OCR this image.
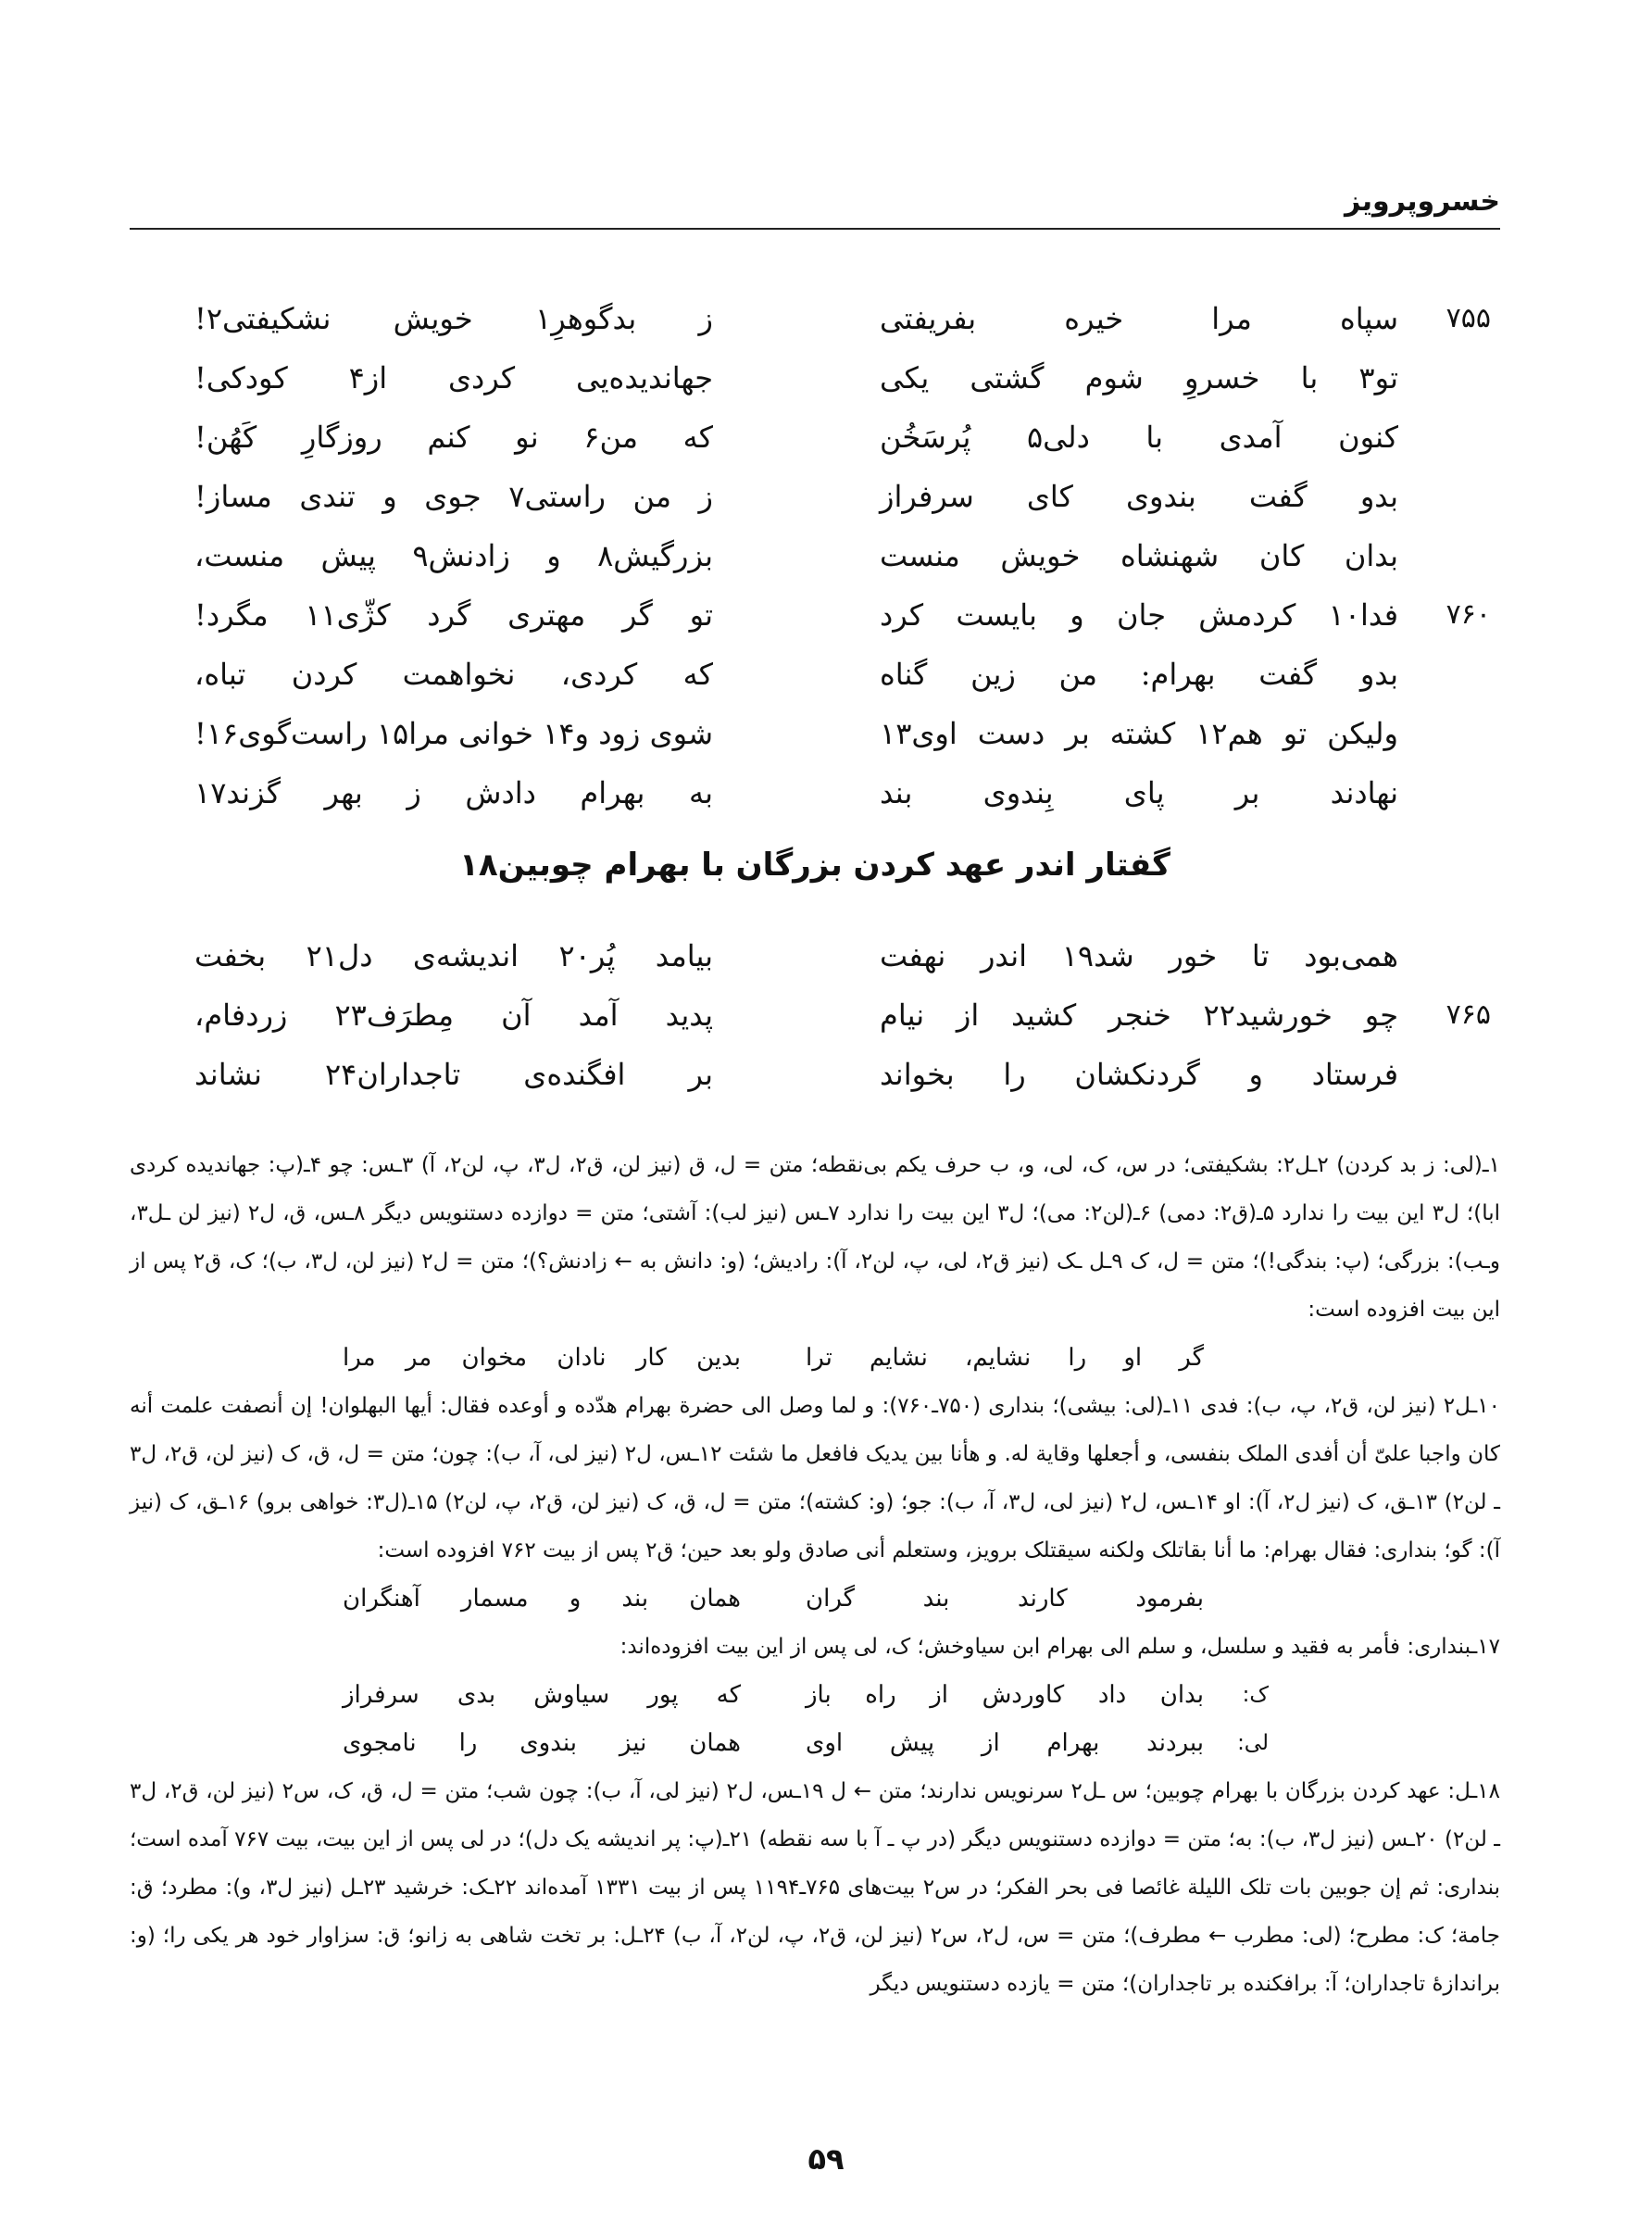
خسروپرویز
۷۵۵
سپاه مرا خیره بفریفتی
ز بدگوهرِ۱ خویش نشکیفتی۲!
تو۳ با خسروِ شوم گشتی یکی
جهاندیده‌یی کردی از۴ کودکی!
کنون آمدی با دلی۵ پُرسَخُن
که من۶ نو کنم روزگارِ کَهُن!
بدو گفت بندوی کای سرفراز
ز من راستی۷ جوی و تندی مساز!
بدان کان شهنشاه خویش منست
بزرگیش۸ و زادنش۹ پیش منست،
۷۶۰
فدا۱۰ کردمش جان و بایست کرد
تو گر مهتری گرد کژّی۱۱ مگرد!
بدو گفت بهرام: من زین گناه
که کردی، نخواهمت کردن تباه،
ولیکن تو هم۱۲ کشته بر دست اوی۱۳
شوی زود و۱۴ خوانی مرا۱۵ راست‌گوی۱۶!
نهادند بر پای بِندوی بند
به بهرام دادش ز بهر گزند۱۷
گفتار اندر عهد کردن بزرگان با بهرام چوبین۱۸
همی‌بود تا خور شد۱۹ اندر نهفت
بیامد پُر۲۰ اندیشه‌ی دل۲۱ بخفت
۷۶۵
چو خورشید۲۲ خنجر کشید از نیام
پدید آمد آن مِطرَف۲۳ زردفام،
فرستاد و گردنکشان را بخواند
بر افگنده‌ی تاجداران۲۴ نشاند

۱ـ(لی: ز بد کردن) ۲ـل۲: بشکیفتی؛ در س، ک، لی، و، ب حرف یکم بی‌نقطه؛ متن = ل، ق (نیز لن، ق۲، ل۳، پ، لن۲، آ) ۳ـس: چو ۴ـ(پ: جهاندیده کردی ابا)؛ ل۳ این بیت را ندارد ۵ـ(ق۲: دمی) ۶ـ(لن۲: می)؛ ل۳ این بیت را ندارد ۷ـس (نیز لب): آشتی؛ متن = دوازده دستنویس دیگر ۸ـس، ق، ل۲ (نیز لن ـل۳، وـب): بزرگی؛ (پ: بندگی!)؛ متن = ل، ک ۹ـل ـک (نیز ق۲، لی، پ، لن۲، آ): رادیش؛ (و: دانش به ← زادنش؟)؛ متن = ل۲ (نیز لن، ل۳، ب)؛ ک، ق۲ پس از این بیت افزوده است:

گر او را نشایم، نشایم ترا
بدین کار نادان مخوان مر مرا

۱۰ـل۲ (نیز لن، ق۲، پ، ب): فدی ۱۱ـ(لی: بیشی)؛ بنداری (۷۵۰ـ۷۶۰): و لما وصل الی حضرة بهرام هدّده و أوعده فقال: أیها البهلوان! إن أنصفت علمت أنه کان واجبا علیّ أن أفدی الملک بنفسی، و أجعلها وقایة له. و هأنا بین یدیک فافعل ما شئت ۱۲ـس، ل۲ (نیز لی، آ، ب): چون؛ متن = ل، ق، ک (نیز لن، ق۲، ل۳ ـ لن۲) ۱۳ـق، ک (نیز ل۲، آ): او ۱۴ـس، ل۲ (نیز لی، ل۳، آ، ب): جو؛ (و: کشته)؛ متن = ل، ق، ک (نیز لن، ق۲، پ، لن۲) ۱۵ـ(ل۳: خواهی برو) ۱۶ـق، ک (نیز آ): گو؛ بنداری: فقال بهرام: ما أنا بقاتلک ولکنه سیقتلک برویز، وستعلم أنی صادق ولو بعد حین؛ ق۲ پس از بیت ۷۶۲ افزوده است:

بفرمود کارند بند گران
همان بند و مسمار آهنگران

۱۷ـبنداری: فأمر به فقید و سلسل، و سلم الی بهرام ابن سیاوخش؛ ک، لی پس از این بیت افزوده‌اند:

ک:
بدان داد کاوردش از راه باز
که پور سیاوش بدی سرفراز
لی:
ببردند بهرام از پیش اوی
همان نیز بندوی را نامجوی

۱۸ـل: عهد کردن بزرگان با بهرام چوبین؛ س ـل۲ سرنویس ندارند؛ متن ← ل ۱۹ـس، ل۲ (نیز لی، آ، ب): چون شب؛ متن = ل، ق، ک، س۲ (نیز لن، ق۲، ل۳ ـ لن۲) ۲۰ـس (نیز ل۳، ب): به؛ متن = دوازده دستنویس دیگر (در پ ـ آ با سه نقطه) ۲۱ـ(پ: پر اندیشه یک دل)؛ در لی پس از این بیت، بیت ۷۶۷ آمده است؛ بنداری: ثم إن جوبین بات تلک اللیلة غائصا فی بحر الفکر؛ در س۲ بیت‌های ۷۶۵ـ۱۱۹۴ پس از بیت ۱۳۳۱ آمده‌اند ۲۲ـک: خرشید ۲۳ـل (نیز ل۳، و): مطرد؛ ق: جامة؛ ک: مطرح؛ (لی: مطرب ← مطرف)؛ متن = س، ل۲، س۲ (نیز لن، ق۲، پ، لن۲، آ، ب) ۲۴ـل: بر تخت شاهی به زانو؛ ق: سزاوار خود هر یکی را؛ (و: براندازهٔ تاجداران؛ آ: برافکنده بر تاجداران)؛ متن = یازده دستنویس دیگر

۵۹
